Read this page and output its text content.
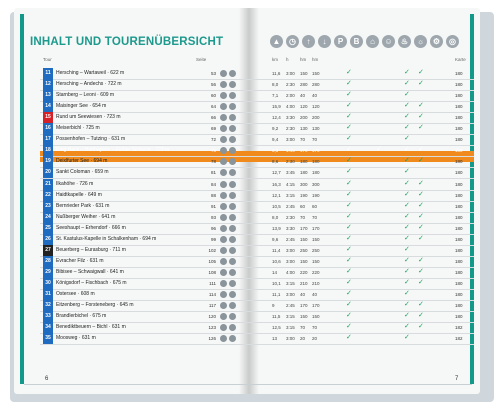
INHALT UND TOURENÜBERSICHT	▲	◷	↑	↓	P	B	⌂	☺	♨	☼	⚙	◎
Tour	Seite	km h	hm hm	Karte
11	Hersching – Wartaweil · 622 m	53	11,6 3:00 150 150	✓	✓ ✓	180
12	Hersching – Andechs · 722 m	56	8,0 2:30 280 280	✓	✓ ✓	180
13	Starnberg – Leoni · 609 m	60	7,1 2:00 40 40	✓	✓	180
14	Maisinger See · 654 m	64	15,9 4:00 120 120	✓	✓ ✓	180
15	Rund um Seewiesen · 723 m	66	12,4 3:30 200 200	✓	✓ ✓	180
16	Meiserbichl · 725 m	69	9,2 2:30 130 130	✓	✓ ✓	180
17	Possenhofen – Tutzing · 631 m	72	9,4 3:00 70 70	✓	✓	180
18	Rieg Hack – Harthapelle – Füßler Schlucht · 723 m	76	6,3 1:45 170 170	✓	✓	✓ ✓	180
19	Deixlfurter See · 694 m	78	8,6 2:30 180 180	✓	✓ ✓	180
20	Sankt Coloman · 659 m	81	12,7 3:45 180 180	✓	✓	180
21	Ilkahöhe · 726 m	84	16,3 4:15 300 300	✓	✓ ✓	180
22	Haidtkapelle · 649 m	88	12,1 3:15 190 190	✓	✓ ✓	180
23	Bernrieder Park · 631 m	91	10,5 2:45 60 60	✓	✓ ✓	180
24	Nußberger Weiher · 641 m	93	8,0 2:30 70 70	✓	✓ ✓	180
25	Seeshaupt – Erhendorf · 666 m	96	13,9 3:30 170 170	✓	✓ ✓	180
26	St. Kastulus-Kapelle in Schalkenham · 694 m	99	9,6 2:45 150 150	✓	✓ ✓	180
27	Beuerberg – Eurasburg · 711 m	102	11,4 3:00 250 250	✓	✓	180
28	Evracher Filz · 631 m	105	10,6 3:00 150 150	✓	✓ ✓	180
29	Bibisee – Schwaigwall · 641 m	108	14 4:00 220 220	✓	✓ ✓	180
30	Königsdorf – Fischbach · 675 m	111	10,1 3:15 210 210	✓	✓ ✓	180
31	Ostersee · 608 m	114	11,1 3:00 40 40	✓	✓	180
32	Eitzenberg – Forsteneberg · 645 m	117	9	2:45 170 170	✓	✓ ✓	180
33	Brandlerbichel · 675 m	120	11,5 3:15 150 150	✓	✓ ✓	180
34	Benediktbeuern – Bichl · 631 m	123	12,5 3:15 70 70	✓	✓ ✓	182
35	Moosweg · 631 m	126	13 3:00 20 20	✓	✓	182
6	7
